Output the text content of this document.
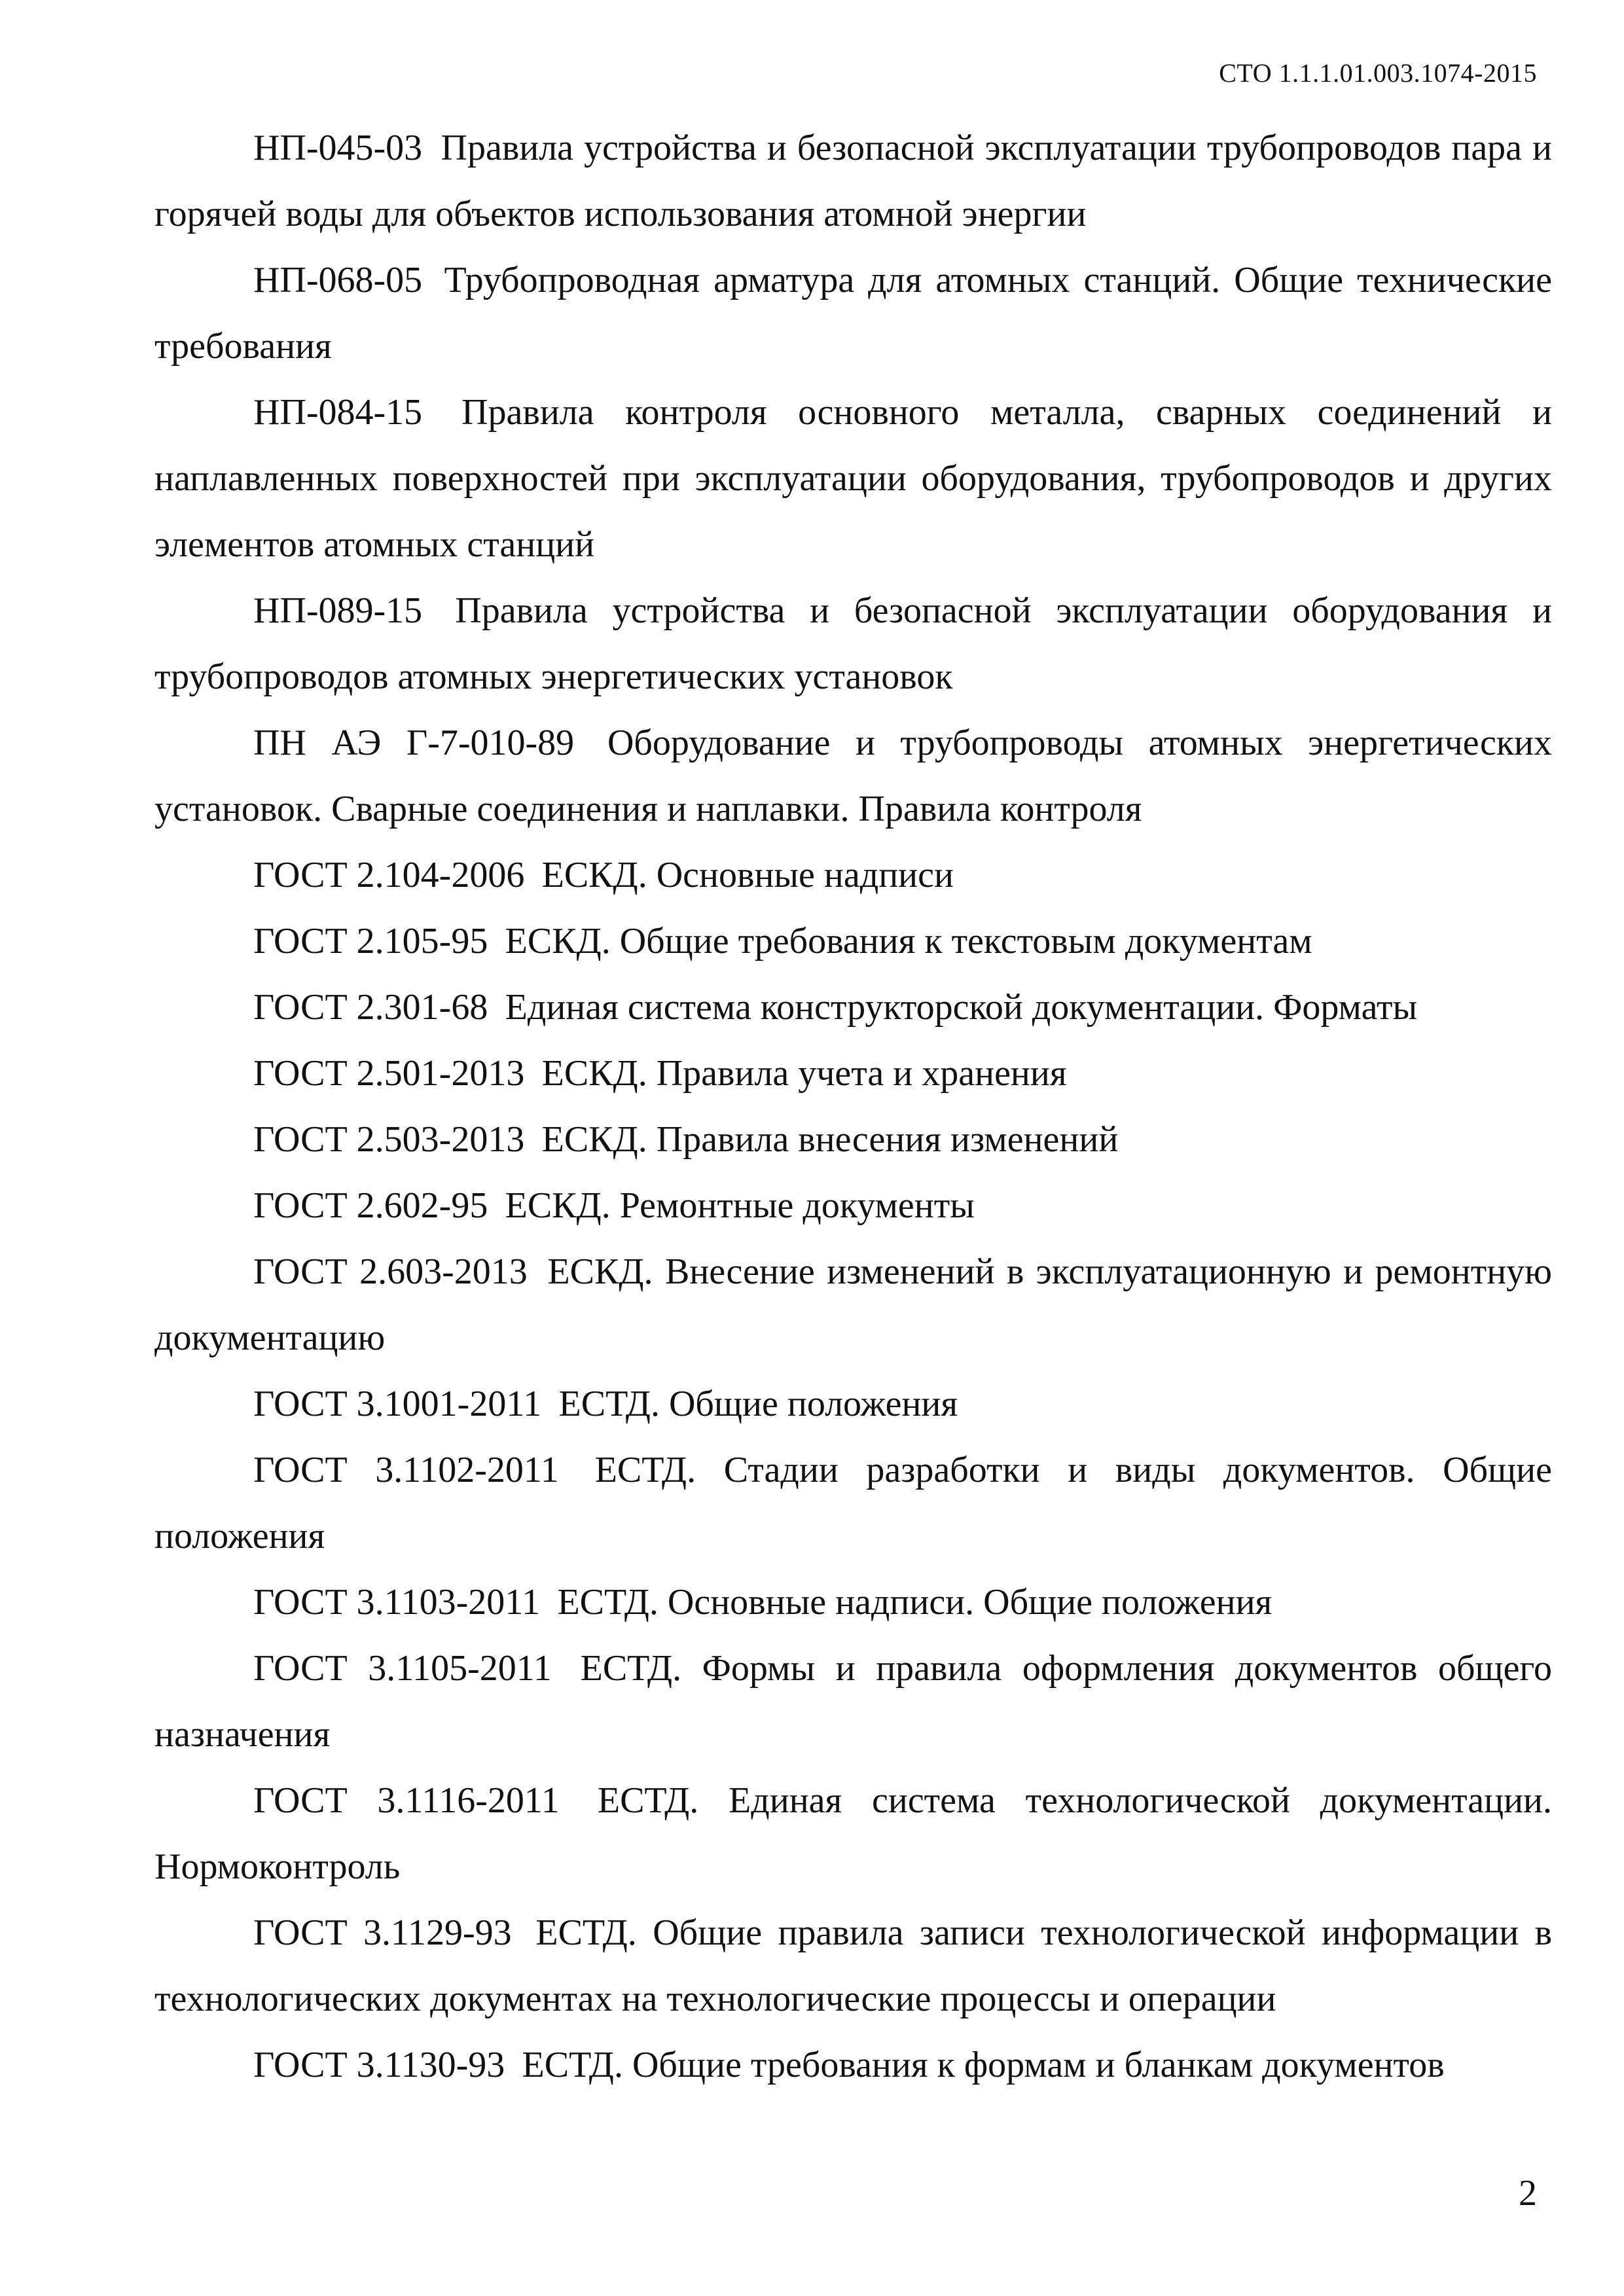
СТО 1.1.1.01.003.1074-2015

НП-045-03 Правила устройства и безопасной эксплуатации трубопроводов пара и горячей воды для объектов использования атомной энергии

НП-068-05 Трубопроводная арматура для атомных станций. Общие технические требования

НП-084-15 Правила контроля основного металла, сварных соединений и наплавленных поверхностей при эксплуатации оборудования, трубопроводов и других элементов атомных станций

НП-089-15 Правила устройства и безопасной эксплуатации оборудования и трубопроводов атомных энергетических установок

ПН АЭ Г-7-010-89 Оборудование и трубопроводы атомных энергетических установок. Сварные соединения и наплавки. Правила контроля

ГОСТ 2.104-2006 ЕСКД. Основные надписи

ГОСТ 2.105-95 ЕСКД. Общие требования к текстовым документам

ГОСТ 2.301-68 Единая система конструкторской документации. Форматы

ГОСТ 2.501-2013 ЕСКД. Правила учета и хранения

ГОСТ 2.503-2013 ЕСКД. Правила внесения изменений

ГОСТ 2.602-95 ЕСКД. Ремонтные документы

ГОСТ 2.603-2013 ЕСКД. Внесение изменений в эксплуатационную и ремонтную документацию

ГОСТ 3.1001-2011 ЕСТД. Общие положения

ГОСТ 3.1102-2011 ЕСТД. Стадии разработки и виды документов. Общие положения

ГОСТ 3.1103-2011 ЕСТД. Основные надписи. Общие положения

ГОСТ 3.1105-2011 ЕСТД. Формы и правила оформления документов общего назначения

ГОСТ 3.1116-2011 ЕСТД. Единая система технологической документации. Нормоконтроль

ГОСТ 3.1129-93 ЕСТД. Общие правила записи технологической информации в технологических документах на технологические процессы и операции

ГОСТ 3.1130-93 ЕСТД. Общие требования к формам и бланкам документов

2
